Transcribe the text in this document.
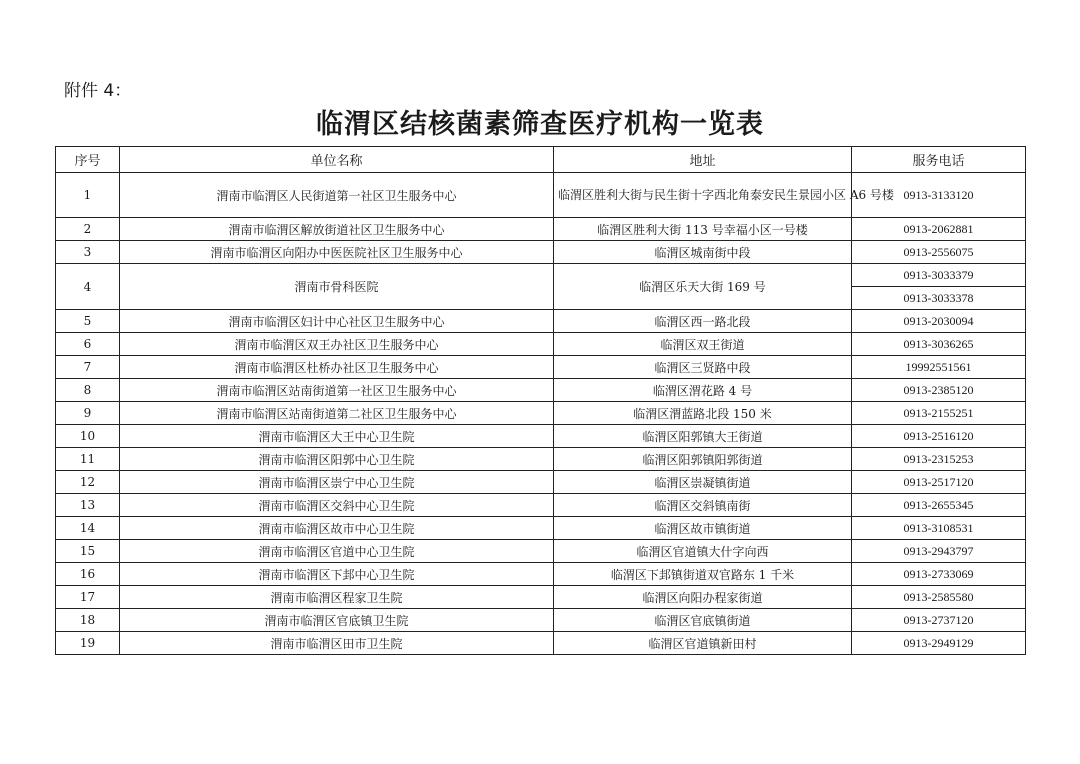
附件 4：
临渭区结核菌素筛查医疗机构一览表
序号	单位名称	地址	服务电话
1	渭南市临渭区人民街道第一社区卫生服务中心	临渭区胜利大街与民生街十字西北角泰安民生景园小区 A6 号楼	0913-3133120
2	渭南市临渭区解放街道社区卫生服务中心	临渭区胜利大街 113 号幸福小区一号楼	0913-2062881
3	渭南市临渭区向阳办中医医院社区卫生服务中心	临渭区城南街中段	0913-2556075
4	渭南市骨科医院	临渭区乐天大街 169 号	0913-3033379
			0913-3033378
5	渭南市临渭区妇计中心社区卫生服务中心	临渭区西一路北段	0913-2030094
6	渭南市临渭区双王办社区卫生服务中心	临渭区双王街道	0913-3036265
7	渭南市临渭区杜桥办社区卫生服务中心	临渭区三贤路中段	19992551561
8	渭南市临渭区站南街道第一社区卫生服务中心	临渭区渭花路 4 号	0913-2385120
9	渭南市临渭区站南街道第二社区卫生服务中心	临渭区渭蓝路北段 150 米	0913-2155251
10	渭南市临渭区大王中心卫生院	临渭区阳郭镇大王街道	0913-2516120
11	渭南市临渭区阳郭中心卫生院	临渭区阳郭镇阳郭街道	0913-2315253
12	渭南市临渭区崇宁中心卫生院	临渭区崇凝镇街道	0913-2517120
13	渭南市临渭区交斜中心卫生院	临渭区交斜镇南街	0913-2655345
14	渭南市临渭区故市中心卫生院	临渭区故市镇街道	0913-3108531
15	渭南市临渭区官道中心卫生院	临渭区官道镇大什字向西	0913-2943797
16	渭南市临渭区下邽中心卫生院	临渭区下邽镇街道双官路东 1 千米	0913-2733069
17	渭南市临渭区程家卫生院	临渭区向阳办程家街道	0913-2585580
18	渭南市临渭区官底镇卫生院	临渭区官底镇街道	0913-2737120
19	渭南市临渭区田市卫生院	临渭区官道镇新田村	0913-2949129
